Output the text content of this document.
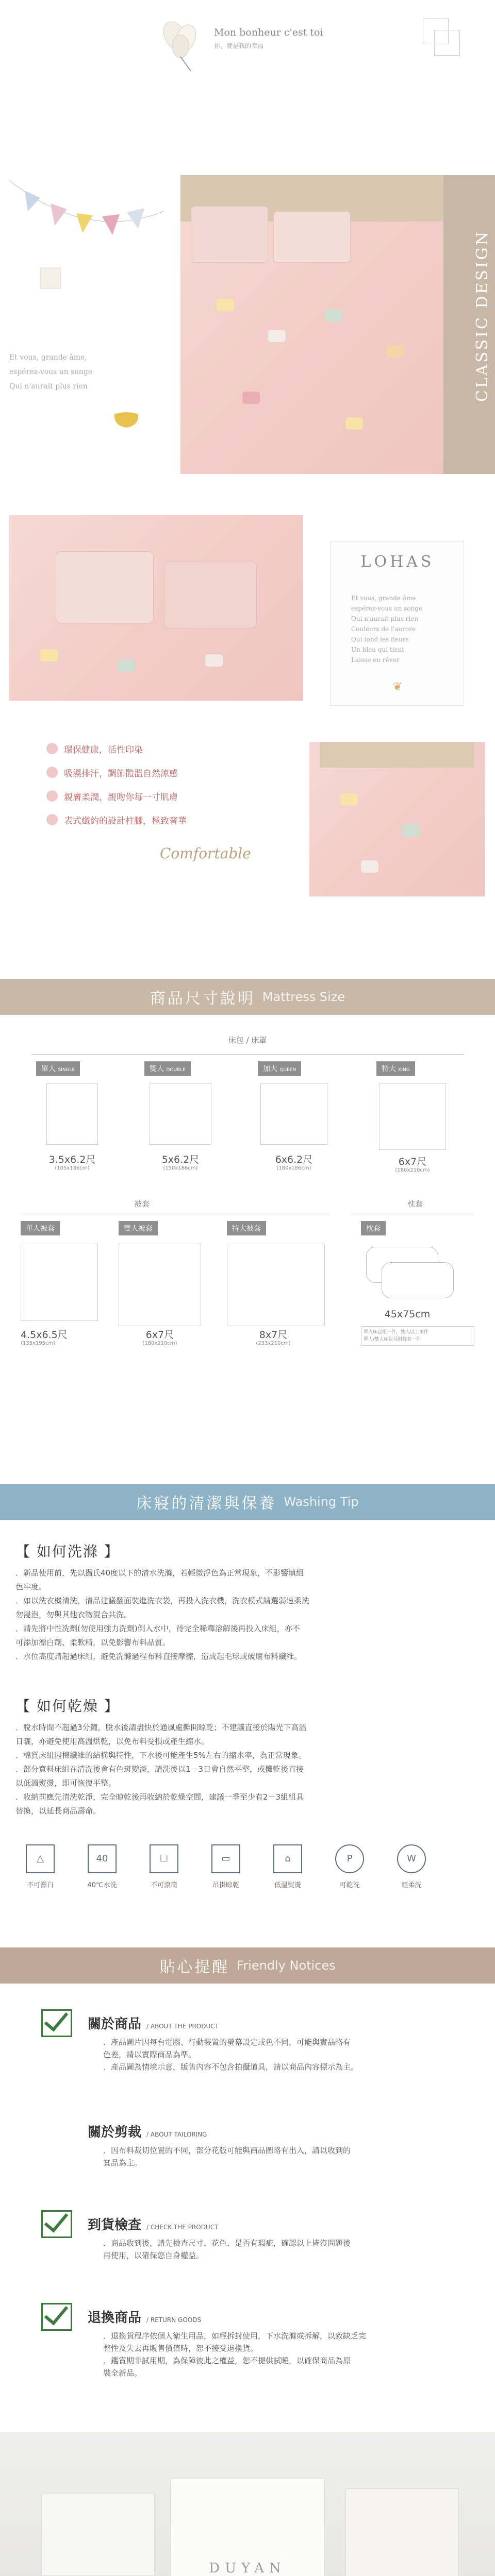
Mon bonheur c'est toi
你，就是我的幸福
Et vous, grande âme,
espérez-vous un songe
Qui n'aurait plus rien	CLASSIC DESIGN
LOHAS
Et vous, grande âme
espérez-vous un songe
Qui n'aurait plus rien
Couleurs de l'aurore
Qui fond les fleurs
Un bleu qui tient
Laisse en rêver
❦
環保健康，活性印染
吸濕排汗，調節體溫自然涼感
親膚柔潤，親吻你每一寸肌膚
表式纖約的設計柱腳，極致奢華
Comfortable
商品尺寸說明 Mattress Size
床包 / 床罩
單人 SINGLE
3.5x6.2尺
(105x186cm)
雙人 DOUBLE
5x6.2尺
(150x186cm)
加大 QUEEN
6x6.2尺
(180x186cm)
特大 KING
6x7尺
(180x210cm)
被套	枕套
單人被套
4.5x6.5尺
(135x195cm)
雙人被套
6x7尺
(180x210cm)
特大被套
8x7尺
(233x210cm)
枕套
45x75cm
單人床包組一件，雙人以上兩件
單人/雙人床包另附枕套一件
床寢的清潔與保養 Washing Tip
【 如何洗滌 】
．新品使用前，先以攝氏40度以下的清水洗滌，若輕微浮色為正常現象，不影響填組
色牢度。
．如以洗衣機清洗，清品建議翻面裝進洗衣袋，再投入洗衣機，洗衣模式請選弱速柔洗
勿浸泡，勿與其他衣物混合共洗。
．請先將中性洗劑(勿使用強力洗劑)倒入水中，待完全稀釋溶解後再投入床組，亦不
可添加漂白劑、柔軟精，以免影響布料品質。
．水位高度請超過床組，避免洗滌過程布料直接摩擦，造成起毛球或破壞布料纖維。
【 如何乾燥 】
．脫水時間不超過3分鐘，脫水後請盡快於通風處攤開晾乾；不建議直接於陽光下高溫
日曬，亦避免使用高溫烘乾，以免布料受損或產生縮水。
．棉質床組因棉纖維的結構與特性，下水後可能產生5%左右的縮水率，為正常現象。
．部分寬料床組在清洗後會有色斑變淡，請洗後以1－3日會自然平整，或攤乾後直接
以低溫熨燙，即可恢復平整。
．收納前應先清洗乾淨，完全晾乾後再收納於乾燥空間，建議一季至少有2－3組組具
替換，以延長商品壽命。
△
不可漂白
40
40℃水洗
☐
不可滾筒
▭
吊掛晾乾
⌂
低溫熨燙
P
可乾洗
W
輕柔洗
貼心提醒 Friendly Notices
關於商品 / ABOUT THE PRODUCT
．產品圖片因每台電腦、行動裝置的螢幕設定或色不同，可能與實品略有
色差，請以實際商品為準。
．產品圖為情境示意，版售內容不包含拍攝道具，請以商品內容標示為主。
關於剪裁 / ABOUT TAILORING
．因布料裁切位置的不同，部分花版可能與商品圖略有出入，請以收到的
實品為主。
到貨檢查 / CHECK THE PRODUCT
．商品收到後，請先檢查尺寸、花色、是否有瑕疵，確認以上皆沒問題後
再使用，以確保您自身權益。
退換商品 / RETURN GOODS
．退換貨程序依個人衛生用品，如經拆封使用，下水洗滌或拆解，以致缺乏完
整性及失去再販售價值時，恕不接受退換貨。
．鑑賞期非試用期，為保障彼此之權益，恕不提供試睡，以確保商品為原
裝全新品。
DUYAN
